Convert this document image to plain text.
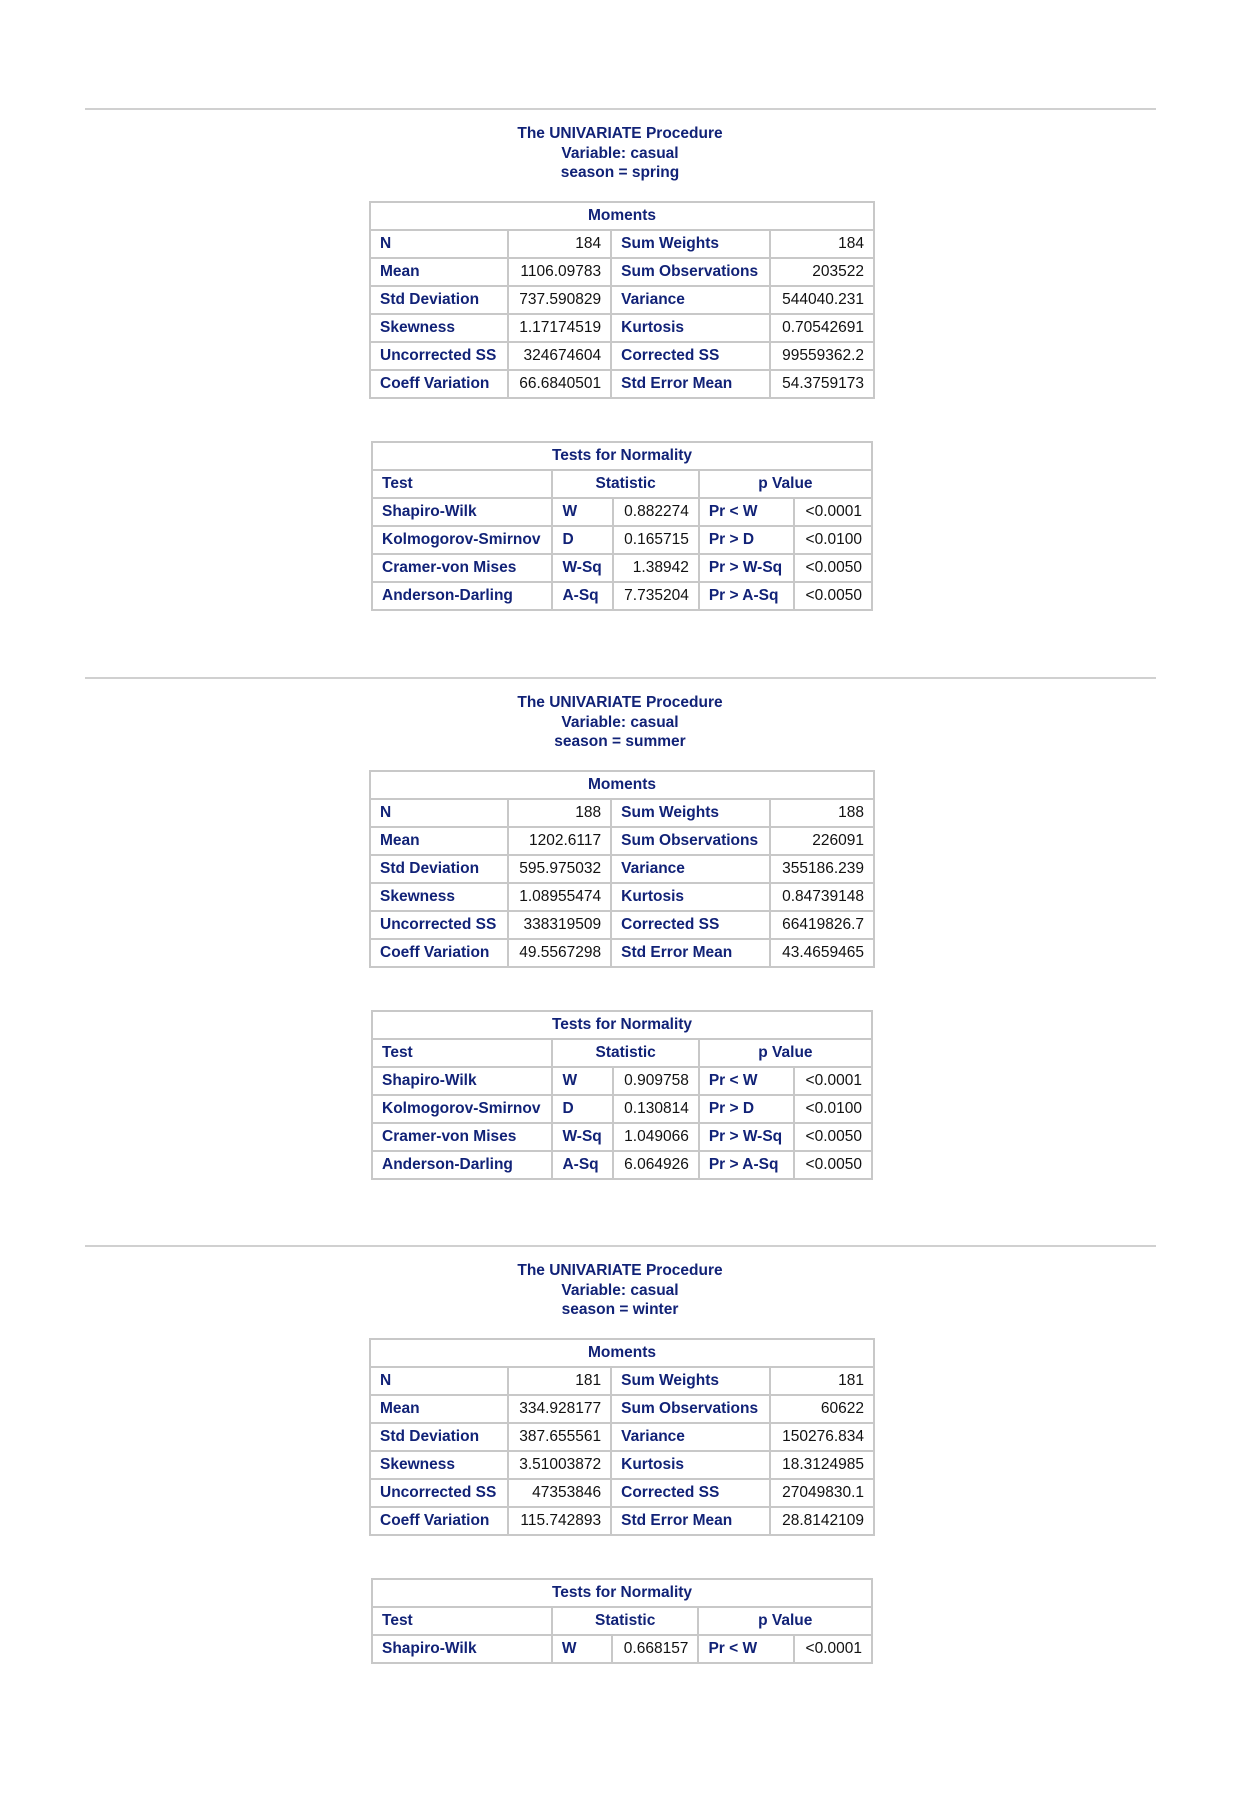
The UNIVARIATE Procedure
Variable: casual
season = spring
Moments			
N	184	Sum Weights	184
Mean	1106.09783	Sum Observations	203522
Std Deviation	737.590829	Variance	544040.231
Skewness	1.17174519	Kurtosis	0.70542691
Uncorrected SS	324674604	Corrected SS	99559362.2
Coeff Variation	66.6840501	Std Error Mean	54.3759173
Tests for Normality				
Test	Statistic		p Value	
Shapiro-Wilk	W	0.882274	Pr < W	<0.0001
Kolmogorov-Smirnov	D	0.165715	Pr > D	<0.0100
Cramer-von Mises	W-Sq	1.38942	Pr > W-Sq	<0.0050
Anderson-Darling	A-Sq	7.735204	Pr > A-Sq	<0.0050
The UNIVARIATE Procedure
Variable: casual
season = summer
Moments			
N	188	Sum Weights	188
Mean	1202.6117	Sum Observations	226091
Std Deviation	595.975032	Variance	355186.239
Skewness	1.08955474	Kurtosis	0.84739148
Uncorrected SS	338319509	Corrected SS	66419826.7
Coeff Variation	49.5567298	Std Error Mean	43.4659465
Tests for Normality				
Test	Statistic		p Value	
Shapiro-Wilk	W	0.909758	Pr < W	<0.0001
Kolmogorov-Smirnov	D	0.130814	Pr > D	<0.0100
Cramer-von Mises	W-Sq	1.049066	Pr > W-Sq	<0.0050
Anderson-Darling	A-Sq	6.064926	Pr > A-Sq	<0.0050
The UNIVARIATE Procedure
Variable: casual
season = winter
Moments			
N	181	Sum Weights	181
Mean	334.928177	Sum Observations	60622
Std Deviation	387.655561	Variance	150276.834
Skewness	3.51003872	Kurtosis	18.3124985
Uncorrected SS	47353846	Corrected SS	27049830.1
Coeff Variation	115.742893	Std Error Mean	28.8142109
Tests for Normality				
Test	Statistic		p Value	
Shapiro-Wilk	W	0.668157	Pr < W	<0.0001
